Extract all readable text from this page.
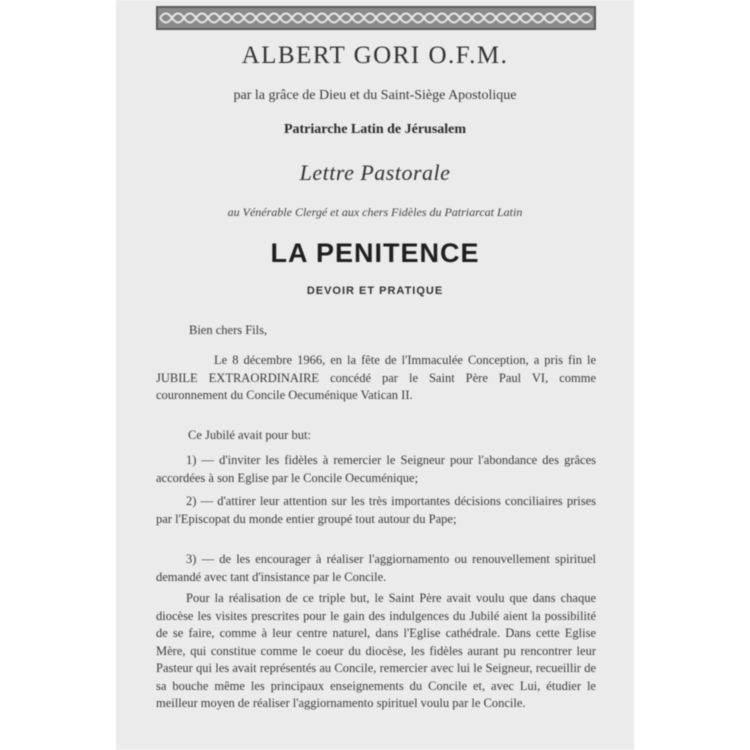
ALBERT GORI O.F.M.
par la grâce de Dieu et du Saint-Siège Apostolique
Patriarche Latin de Jérusalem
Lettre Pastorale
au Vénérable Clergé et aux chers Fidèles du Patriarcat Latin
LA PENITENCE
DEVOIR ET PRATIQUE
Bien chers Fils,
Le 8 décembre 1966, en la fête de l'Immaculée Conception, a pris fin le JUBILE EXTRAORDINAIRE concédé par le Saint Père Paul VI, comme couronnement du Concile Oecuménique Vatican II.
Ce Jubilé avait pour but:
1) — d'inviter les fidèles à remercier le Seigneur pour l'abondance des grâces accordées à son Eglise par le Concile Oecuménique;
2) — d'attirer leur attention sur les très importantes décisions conciliaires prises par l'Episcopat du monde entier groupé tout autour du Pape;
3) — de les encourager à réaliser l'aggiornamento ou renouvellement spirituel demandé avec tant d'insistance par le Concile.
Pour la réalisation de ce triple but, le Saint Père avait voulu que dans chaque diocèse les visites prescrites pour le gain des indulgences du Jubilé aient la possibilité de se faire, comme à leur centre naturel, dans l'Eglise cathédrale. Dans cette Eglise Mère, qui constitue comme le coeur du diocèse, les fidèles aurant pu rencontrer leur Pasteur qui les avait représentés au Concile, remercier avec lui le Seigneur, recueillir de sa bouche même les principaux enseignements du Concile et, avec Lui, étudier le meilleur moyen de réaliser l'aggiornamento spirituel voulu par le Concile.
